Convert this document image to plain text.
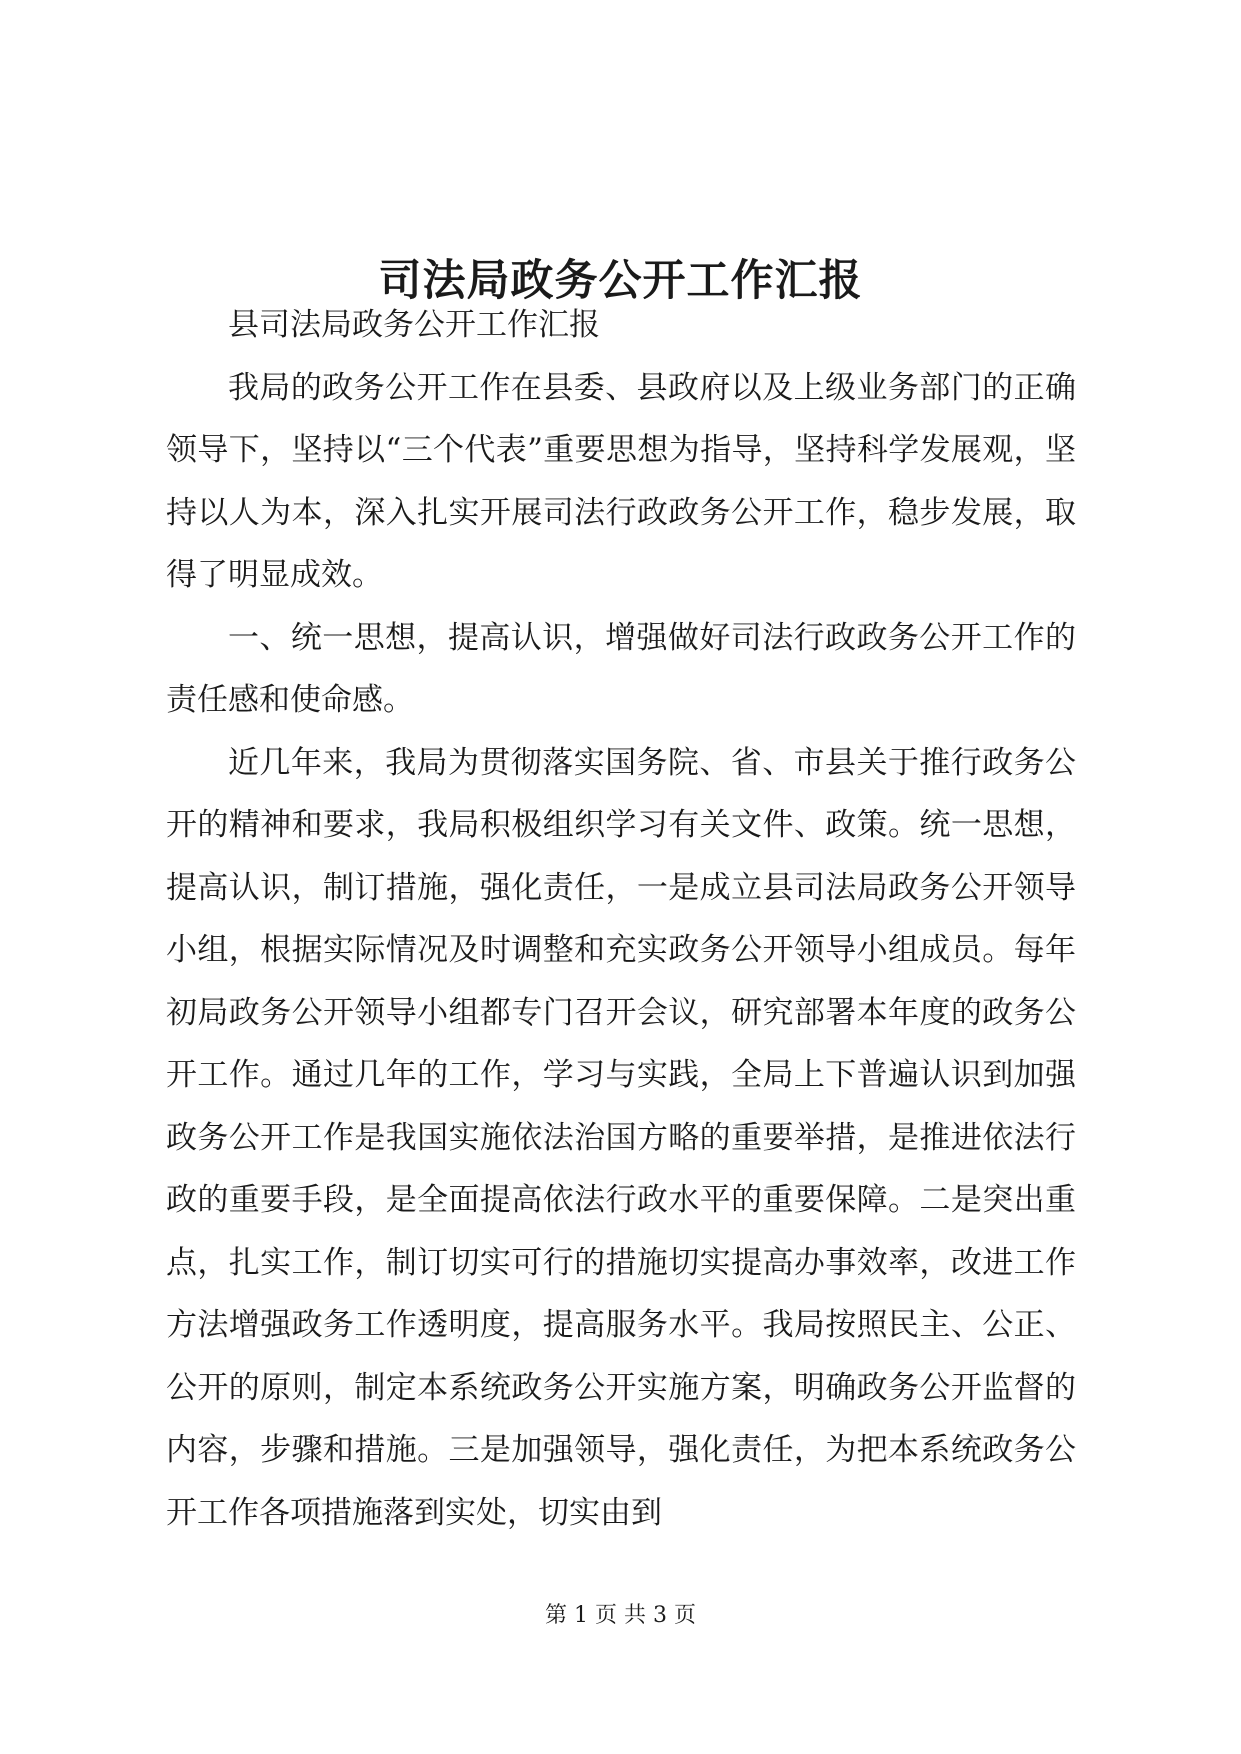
司法局政务公开工作汇报

县司法局政务公开工作汇报

我局的政务公开工作在县委、县政府以及上级业务部门的正确领导下，坚持以“三个代表”重要思想为指导，坚持科学发展观，坚持以人为本，深入扎实开展司法行政政务公开工作，稳步发展，取得了明显成效。

一、统一思想，提高认识，增强做好司法行政政务公开工作的责任感和使命感。

近几年来，我局为贯彻落实国务院、省、市县关于推行政务公开的精神和要求，我局积极组织学习有关文件、政策。统一思想，提高认识，制订措施，强化责任，一是成立县司法局政务公开领导小组，根据实际情况及时调整和充实政务公开领导小组成员。每年初局政务公开领导小组都专门召开会议，研究部署本年度的政务公开工作。通过几年的工作，学习与实践，全局上下普遍认识到加强政务公开工作是我国实施依法治国方略的重要举措，是推进依法行政的重要手段，是全面提高依法行政水平的重要保障。二是突出重点，扎实工作，制订切实可行的措施切实提高办事效率，改进工作方法增强政务工作透明度，提高服务水平。我局按照民主、公正、公开的原则，制定本系统政务公开实施方案，明确政务公开监督的内容，步骤和措施。三是加强领导，强化责任，为把本系统政务公开工作各项措施落到实处，切实由到

第 1 页 共 3 页
